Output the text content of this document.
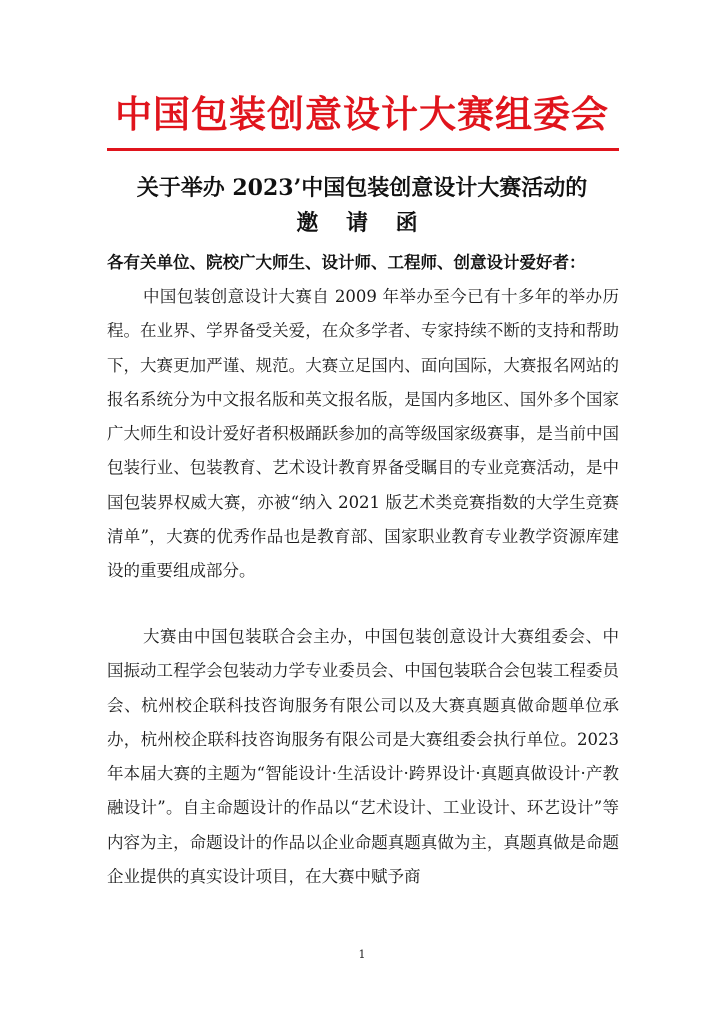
中国包装创意设计大赛组委会
关于举办 2023’中国包装创意设计大赛活动的
邀 请 函
各有关单位、院校广大师生、设计师、工程师、创意设计爱好者：
中国包装创意设计大赛自 2009 年举办至今已有十多年的举办历程。在业界、学界备受关爱，在众多学者、专家持续不断的支持和帮助下，大赛更加严谨、规范。大赛立足国内、面向国际，大赛报名网站的报名系统分为中文报名版和英文报名版，是国内多地区、国外多个国家广大师生和设计爱好者积极踊跃参加的高等级国家级赛事，是当前中国包装行业、包装教育、艺术设计教育界备受瞩目的专业竞赛活动，是中国包装界权威大赛，亦被“纳入 2021 版艺术类竞赛指数的大学生竞赛清单”，大赛的优秀作品也是教育部、国家职业教育专业教学资源库建设的重要组成部分。
大赛由中国包装联合会主办，中国包装创意设计大赛组委会、中国振动工程学会包装动力学专业委员会、中国包装联合会包装工程委员会、杭州校企联科技咨询服务有限公司以及大赛真题真做命题单位承办，杭州校企联科技咨询服务有限公司是大赛组委会执行单位。2023 年本届大赛的主题为“智能设计·生活设计·跨界设计·真题真做设计·产教融设计”。自主命题设计的作品以“艺术设计、工业设计、环艺设计”等内容为主，命题设计的作品以企业命题真题真做为主，真题真做是命题企业提供的真实设计项目，在大赛中赋予商
1
